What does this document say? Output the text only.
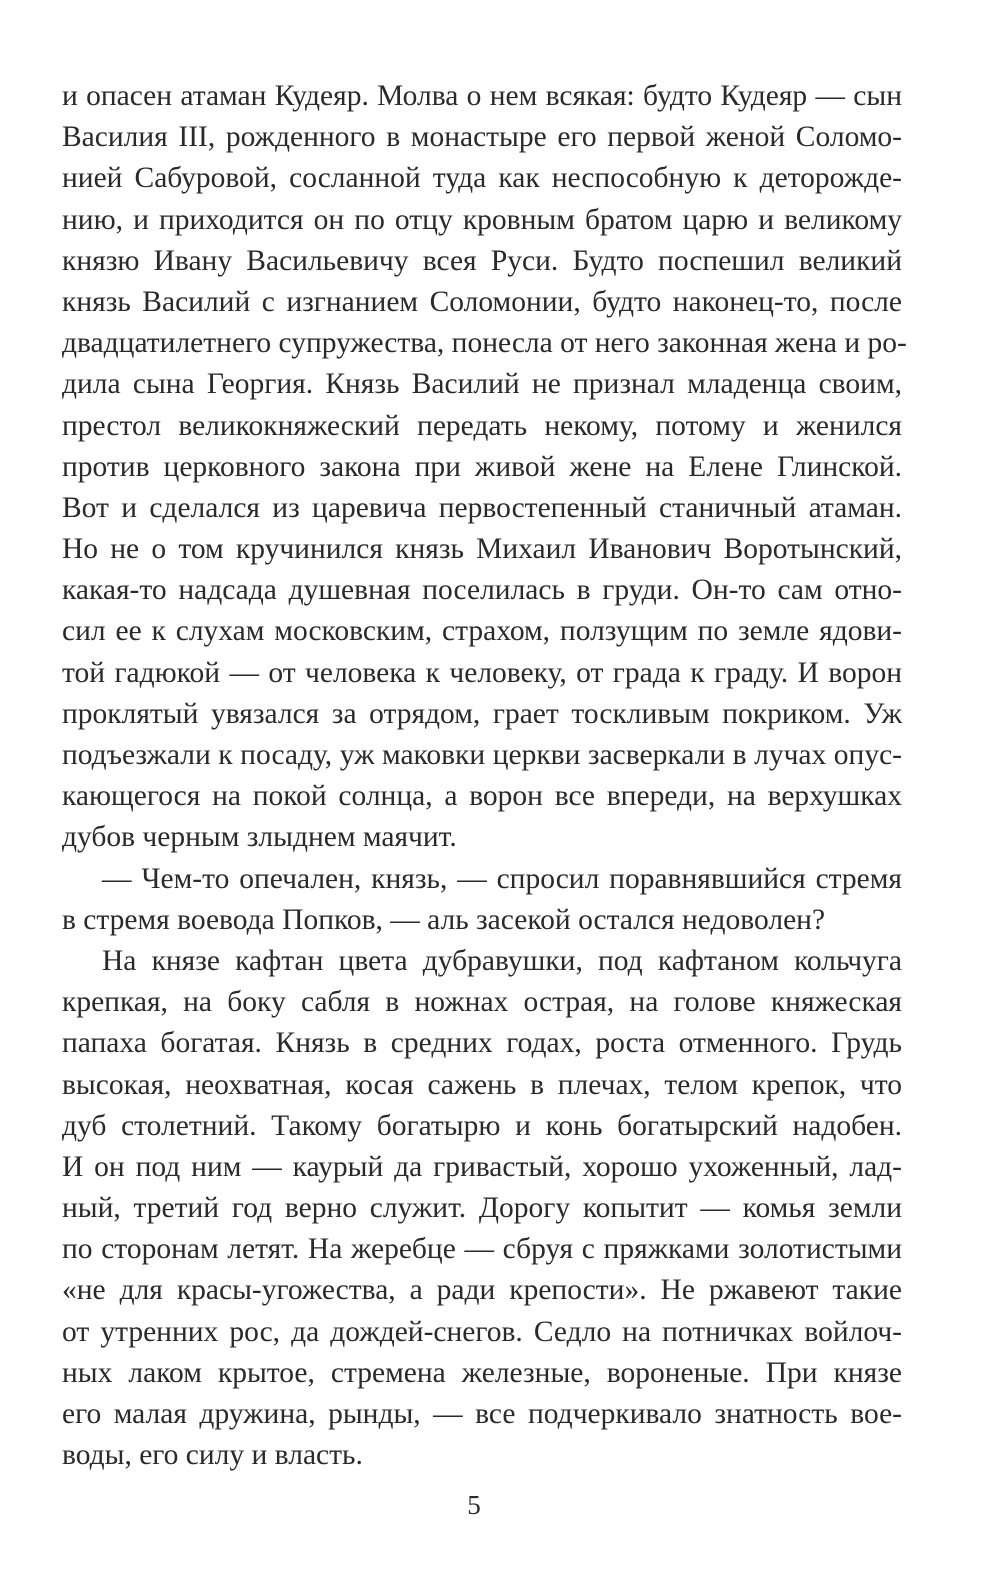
и опасен атаман Кудеяр. Молва о нем всякая: будто Кудеяр — сын
Василия III, рожденного в монастыре его первой женой Соломо-
нией Сабуровой, сосланной туда как неспособную к деторожде-
нию, и приходится он по отцу кровным братом царю и великому
князю Ивану Васильевичу всея Руси. Будто поспешил великий
князь Василий с изгнанием Соломонии, будто наконец-то, после
двадцатилетнего супружества, понесла от него законная жена и ро-
дила сына Георгия. Князь Василий не признал младенца своим,
престол великокняжеский передать некому, потому и женился
против церковного закона при живой жене на Елене Глинской.
Вот и сделался из царевича первостепенный станичный атаман.
Но не о том кручинился князь Михаил Иванович Воротынский,
какая-то надсада душевная поселилась в груди. Он-то сам отно-
сил ее к слухам московским, страхом, ползущим по земле ядови-
той гадюкой — от человека к человеку, от града к граду. И ворон
проклятый увязался за отрядом, грает тоскливым покриком. Уж
подъезжали к посаду, уж маковки церкви засверкали в лучах опус-
кающегося на покой солнца, а ворон все впереди, на верхушках
дубов черным злыднем маячит.
— Чем-то опечален, князь, — спросил поравнявшийся стремя
в стремя воевода Попков, — аль засекой остался недоволен?
На князе кафтан цвета дубравушки, под кафтаном кольчуга
крепкая, на боку сабля в ножнах острая, на голове княжеская
папаха богатая. Князь в средних годах, роста отменного. Грудь
высокая, неохватная, косая сажень в плечах, телом крепок, что
дуб столетний. Такому богатырю и конь богатырский надобен.
И он под ним — каурый да гривастый, хорошо ухоженный, лад-
ный, третий год верно служит. Дорогу копытит — комья земли
по сторонам летят. На жеребце — сбруя с пряжками золотистыми
«не для красы-угожества, а ради крепости». Не ржавеют такие
от утренних рос, да дождей-снегов. Седло на потничках войлоч-
ных лаком крытое, стремена железные, вороненые. При князе
его малая дружина, рынды, — все подчеркивало знатность вое-
воды, его силу и власть.
5
